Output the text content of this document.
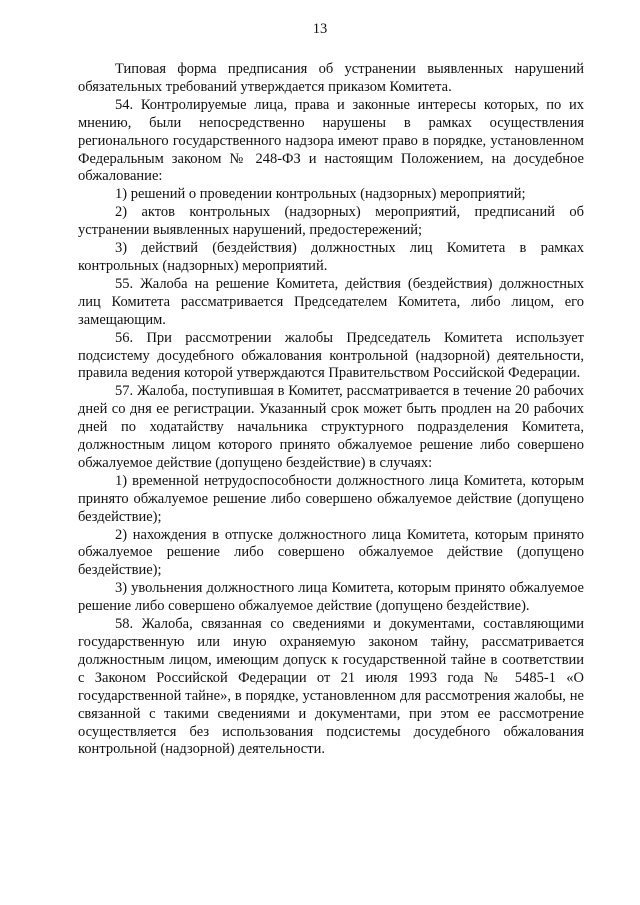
13

Типовая форма предписания об устранении выявленных нарушений обязательных требований утверждается приказом Комитета.

54. Контролируемые лица, права и законные интересы которых, по их мнению, были непосредственно нарушены в рамках осуществления регионального государственного надзора имеют право в порядке, установленном Федеральным законом № 248-ФЗ и настоящим Положением, на досудебное обжалование:

1) решений о проведении контрольных (надзорных) мероприятий;

2) актов контрольных (надзорных) мероприятий, предписаний об устранении выявленных нарушений, предостережений;

3) действий (бездействия) должностных лиц Комитета в рамках контрольных (надзорных) мероприятий.

55. Жалоба на решение Комитета, действия (бездействия) должностных лиц Комитета рассматривается Председателем Комитета, либо лицом, его замещающим.

56. При рассмотрении жалобы Председатель Комитета использует подсистему досудебного обжалования контрольной (надзорной) деятельности, правила ведения которой утверждаются Правительством Российской Федерации.

57. Жалоба, поступившая в Комитет, рассматривается в течение 20 рабочих дней со дня ее регистрации. Указанный срок может быть продлен на 20 рабочих дней по ходатайству начальника структурного подразделения Комитета, должностным лицом которого принято обжалуемое решение либо совершено обжалуемое действие (допущено бездействие) в случаях:

1) временной нетрудоспособности должностного лица Комитета, которым принято обжалуемое решение либо совершено обжалуемое действие (допущено бездействие);

2) нахождения в отпуске должностного лица Комитета, которым принято обжалуемое решение либо совершено обжалуемое действие (допущено бездействие);

3) увольнения должностного лица Комитета, которым принято обжалуемое решение либо совершено обжалуемое действие (допущено бездействие).

58. Жалоба, связанная со сведениями и документами, составляющими государственную или иную охраняемую законом тайну, рассматривается должностным лицом, имеющим допуск к государственной тайне в соответствии с Законом Российской Федерации от 21 июля 1993 года № 5485-1 «О государственной тайне», в порядке, установленном для рассмотрения жалобы, не связанной с такими сведениями и документами, при этом ее рассмотрение осуществляется без использования подсистемы досудебного обжалования контрольной (надзорной) деятельности.
